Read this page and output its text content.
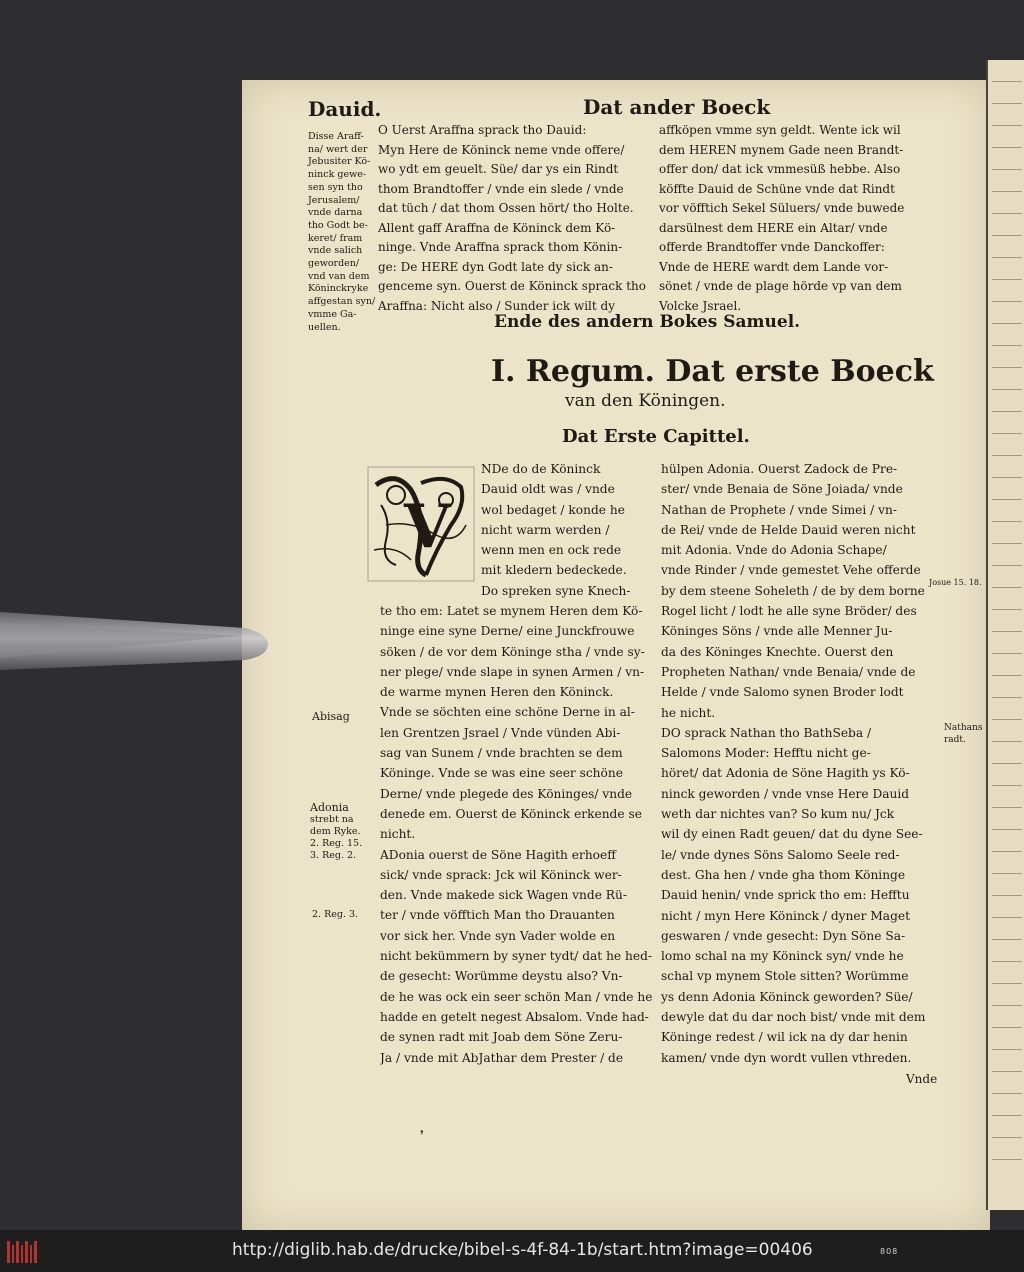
Dauid.	Dat ander Boeck
Disse Araff-
na/ wert der
Jebusiter Kö-
ninck gewe-
sen syn tho
Jerusalem/
vnde darna
tho Godt be-
keret/ fram
vnde salich
geworden/
vnd van dem
Köninckryke
affgestan syn/
vmme Ga-
uellen.
O Uerst Araffna sprack tho Dauid:
Myn Here de Köninck neme vnde offere/
wo ydt em geuelt. Süe/ dar ys ein Rindt
thom Brandtoffer / vnde ein slede / vnde
dat tüch / dat thom Ossen hört/ tho Holte.
Allent gaff Araffna de Köninck dem Kö-
ninge. Vnde Araffna sprack thom Könin-
ge: De HERE dyn Godt late dy sick an-
genceme syn. Ouerst de Köninck sprack tho
Araffna: Nicht also / Sunder ick wilt dy
affköpen vmme syn geldt. Wente ick wil
dem HEREN mynem Gade neen Brandt-
offer don/ dat ick vmmesüß hebbe. Also
köffte Dauid de Schüne vnde dat Rindt
vor vöfftich Sekel Süluers/ vnde buwede
darsülnest dem HERE ein Altar/ vnde
offerde Brandtoffer vnde Danckoffer:
Vnde de HERE wardt dem Lande vor-
sönet / vnde de plage hörde vp van dem
Volcke Jsrael.
Ende des andern Bokes Samuel.
I. Regum. Dat erste Boeck
van den Köningen.
Dat Erste Capittel.
V
NDe do de Köninck
Dauid oldt was / vnde
wol bedaget / konde he
nicht warm werden /
wenn men en ock rede
mit kledern bedeckede.
Do spreken syne Knech-
te tho em: Latet se mynem Heren dem Kö-
ninge eine syne Derne/ eine Junckfrouwe
söken / de vor dem Köninge stha / vnde sy-
ner plege/ vnde slape in synen Armen / vn-
de warme mynen Heren den Köninck.
Vnde se söchten eine schöne Derne in al-
len Grentzen Jsrael / Vnde vünden Abi-
sag van Sunem / vnde brachten se dem
Köninge. Vnde se was eine seer schöne
Derne/ vnde plegede des Köninges/ vnde
denede em. Ouerst de Köninck erkende se
nicht.
ADonia ouerst de Söne Hagith erhoeff
sick/ vnde sprack: Jck wil Köninck wer-
den. Vnde makede sick Wagen vnde Rü-
ter / vnde vöfftich Man tho Drauanten
vor sick her. Vnde syn Vader wolde en
nicht bekümmern by syner tydt/ dat he hed-
de gesecht: Worümme deystu also? Vn-
de he was ock ein seer schön Man / vnde he
hadde en getelt negest Absalom. Vnde had-
de synen radt mit Joab dem Söne Zeru-
Ja / vnde mit AbJathar dem Prester / de
hülpen Adonia. Ouerst Zadock de Pre-
ster/ vnde Benaia de Söne Joiada/ vnde
Nathan de Prophete / vnde Simei / vn-
de Rei/ vnde de Helde Dauid weren nicht
mit Adonia. Vnde do Adonia Schape/
vnde Rinder / vnde gemestet Vehe offerde
by dem steene Soheleth / de by dem borne
Rogel licht / lodt he alle syne Bröder/ des
Köninges Söns / vnde alle Menner Ju-
da des Köninges Knechte. Ouerst den
Propheten Nathan/ vnde Benaia/ vnde de
Helde / vnde Salomo synen Broder lodt
he nicht.
DO sprack Nathan tho BathSeba /
Salomons Moder: Hefftu nicht ge-
höret/ dat Adonia de Söne Hagith ys Kö-
ninck geworden / vnde vnse Here Dauid
weth dar nichtes van? So kum nu/ Jck
wil dy einen Radt geuen/ dat du dyne See-
le/ vnde dynes Söns Salomo Seele red-
dest. Gha hen / vnde gha thom Köninge
Dauid henin/ vnde sprick tho em: Hefftu
nicht / myn Here Köninck / dyner Maget
geswaren / vnde gesecht: Dyn Söne Sa-
lomo schal na my Köninck syn/ vnde he
schal vp mynem Stole sitten? Worümme
ys denn Adonia Köninck geworden? Süe/
dewyle dat du dar noch bist/ vnde mit dem
Köninge redest / wil ick na dy dar henin
kamen/ vnde dyn wordt vullen vthreden.
Vnde
Abisag
Adonia
strebt na
dem Ryke.
2. Reg. 15.
3. Reg. 2.
2. Reg. 3.
Josue 15. 18.
Nathans
radt.
❜
http://diglib.hab.de/drucke/bibel-s-4f-84-1b/start.htm?image=00406	808
